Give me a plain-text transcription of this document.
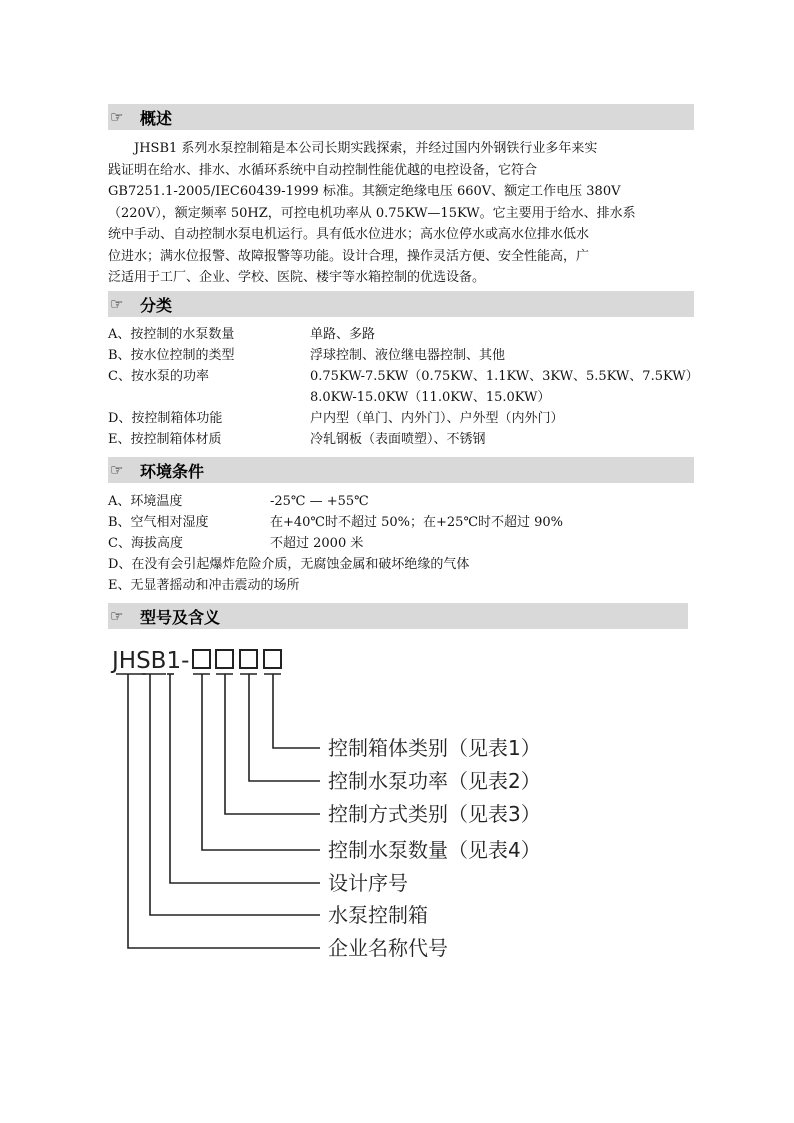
☞	概述
JHSB1 系列水泵控制箱是本公司长期实践探索，并经过国内外钢铁行业多年来实
践证明在给水、排水、水循环系统中自动控制性能优越的电控设备，它符合
GB7251.1-2005/IEC60439-1999 标准。其额定绝缘电压 660V、额定工作电压 380V
（220V），额定频率 50HZ，可控电机功率从 0.75KW—15KW。它主要用于给水、排水系
统中手动、自动控制水泵电机运行。具有低水位进水；高水位停水或高水位排水低水
位进水；满水位报警、故障报警等功能。设计合理，操作灵活方便、安全性能高，广
泛适用于工厂、企业、学校、医院、楼宇等水箱控制的优选设备。
☞	分类
A、按控制的水泵数量	单路、多路
B、按水位控制的类型	浮球控制、液位继电器控制、其他
C、按水泵的功率	0.75KW-7.5KW（0.75KW、1.1KW、3KW、5.5KW、7.5KW）
8.0KW-15.0KW（11.0KW、15.0KW）
D、按控制箱体功能	户内型（单门、内外门）、户外型（内外门）
E、按控制箱体材质	冷轧钢板（表面喷塑）、不锈钢
☞	环境条件
A、环境温度	-25℃ — +55℃
B、空气相对湿度	在+40℃时不超过 50%；在+25℃时不超过 90%
C、海拔高度	不超过 2000 米
D、在没有会引起爆炸危险介质，无腐蚀金属和破坏绝缘的气体
E、无显著摇动和冲击震动的场所
☞	型号及含义
JHSB1-
控制箱体类别（见表1）
控制水泵功率（见表2）
控制方式类别（见表3）
控制水泵数量（见表4）
设计序号
水泵控制箱
企业名称代号
